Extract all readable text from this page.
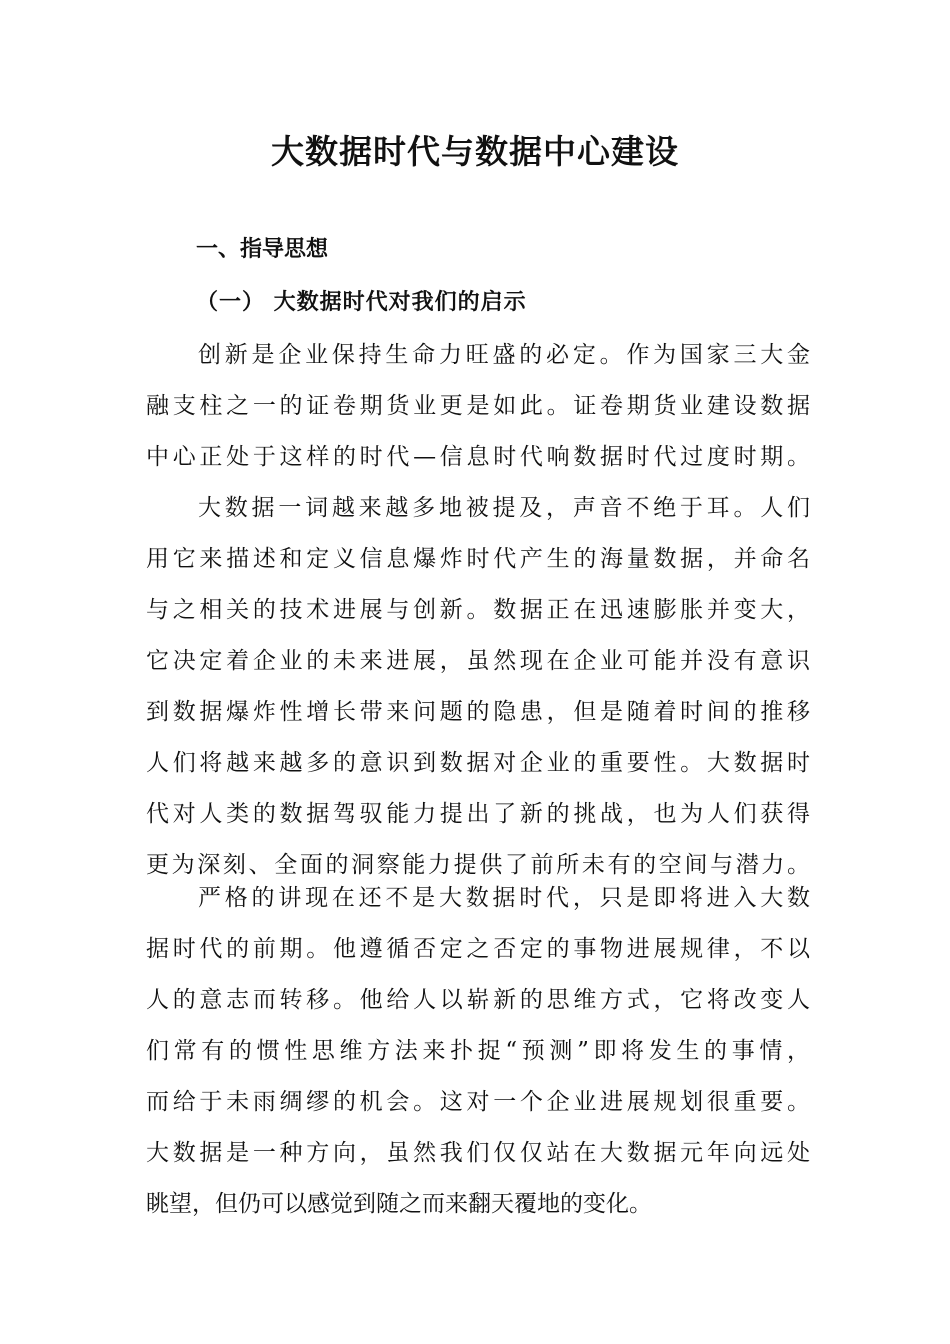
大数据时代与数据中心建设
一、指导思想
（一） 大数据时代对我们的启示
创新是企业保持生命力旺盛的必定。作为国家三大金
融支柱之一的证卷期货业更是如此。证卷期货业建设数据
中心正处于这样的时代—信息时代响数据时代过度时期。
大数据一词越来越多地被提及，声音不绝于耳。人们
用它来描述和定义信息爆炸时代产生的海量数据，并命名
与之相关的技术进展与创新。数据正在迅速膨胀并变大，
它决定着企业的未来进展，虽然现在企业可能并没有意识
到数据爆炸性增长带来问题的隐患，但是随着时间的推移
人们将越来越多的意识到数据对企业的重要性。大数据时
代对人类的数据驾驭能力提出了新的挑战，也为人们获得
更为深刻、全面的洞察能力提供了前所未有的空间与潜力。
严格的讲现在还不是大数据时代，只是即将进入大数
据时代的前期。他遵循否定之否定的事物进展规律，不以
人的意志而转移。他给人以崭新的思维方式，它将改变人
们常有的惯性思维方法来扑捉“预测”即将发生的事情，
而给于未雨绸缪的机会。这对一个企业进展规划很重要。
大数据是一种方向，虽然我们仅仅站在大数据元年向远处
眺望，但仍可以感觉到随之而来翻天覆地的变化。
